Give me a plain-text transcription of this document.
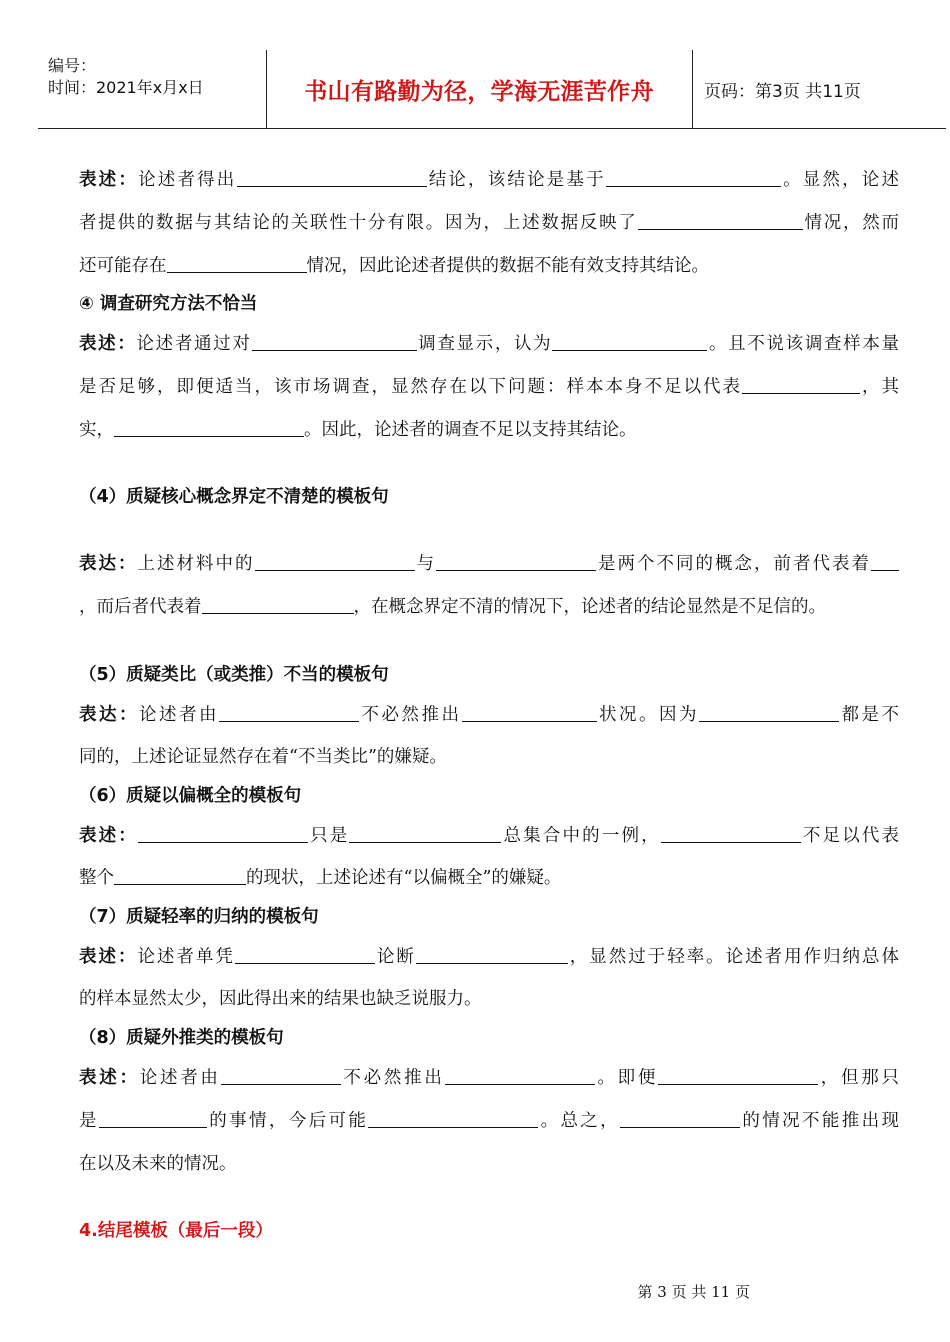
编号：
时间：2021年x月x日	书山有路勤为径，学海无涯苦作舟	页码：第3页 共11页
表述：论述者得出	结论，该结论是基于	。显然，论述
者提供的数据与其结论的关联性十分有限。因为，上述数据反映了	情况，然而
还可能存在	情况，因此论述者提供的数据不能有效支持其结论。
④ 调查研究方法不恰当
表述：论述者通过对	调查显示，认为	。且不说该调查样本量
是否足够，即便适当，该市场调查，显然存在以下问题：样本本身不足以代表	，其
实，	。因此，论述者的调查不足以支持其结论。
（4）质疑核心概念界定不清楚的模板句
表达：上述材料中的	与	是两个不同的概念，前者代表着
，而后者代表着	，在概念界定不清的情况下，论述者的结论显然是不足信的。
（5）质疑类比（或类推）不当的模板句
表达：论述者由	不必然推出	状况。因为	都是不
同的，上述论证显然存在着“不当类比”的嫌疑。
（6）质疑以偏概全的模板句
表述：	只是	总集合中的一例，	不足以代表
整个	的现状，上述论述有“以偏概全”的嫌疑。
（7）质疑轻率的归纳的模板句
表述：论述者单凭	论断	，显然过于轻率。论述者用作归纳总体
的样本显然太少，因此得出来的结果也缺乏说服力。
（8）质疑外推类的模板句
表述：论述者由	不必然推出	。即便	，但那只
是	的事情，今后可能	。总之，	的情况不能推出现
在以及未来的情况。
4.结尾模板（最后一段）
第 3 页 共 11 页
